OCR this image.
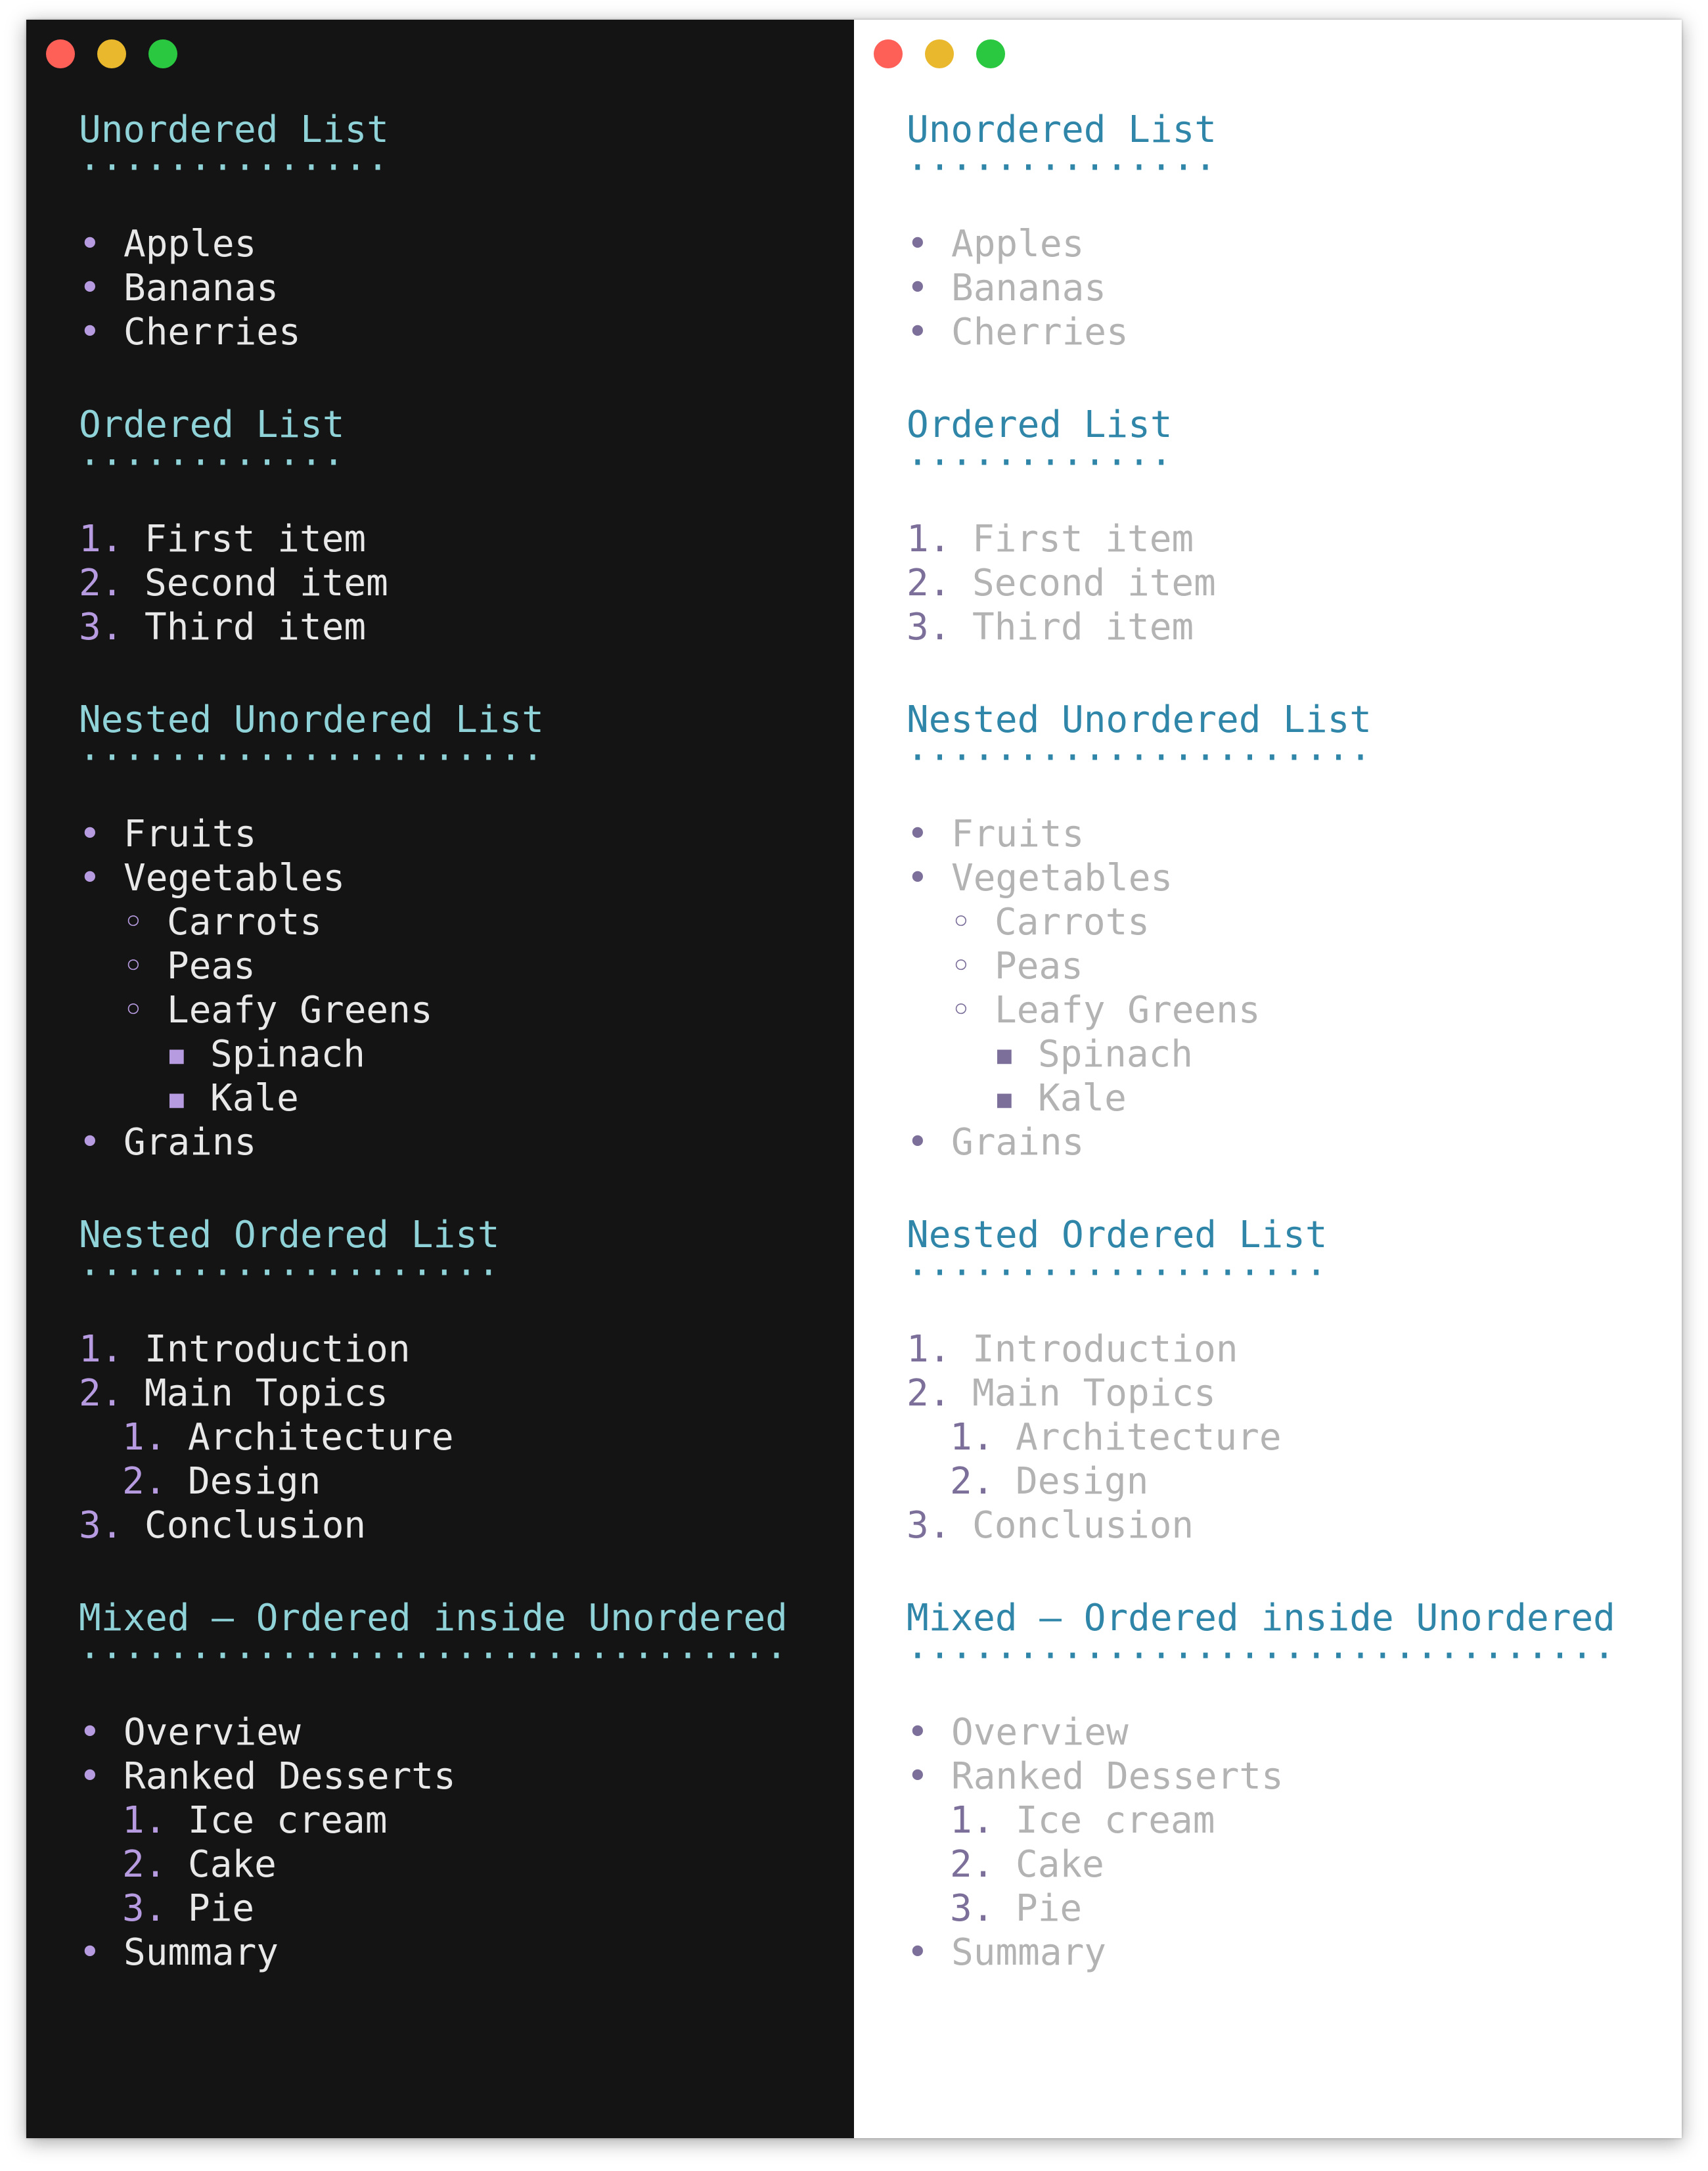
Unordered List
··············
• Apples
• Bananas
• Cherries
Ordered List
············
1. First item
2. Second item
3. Third item
Nested Unordered List
·····················
• Fruits
• Vegetables
◦ Carrots
◦ Peas
◦ Leafy Greens
▪ Spinach
▪ Kale
• Grains
Nested Ordered List
···················
1. Introduction
2. Main Topics
1. Architecture
2. Design
3. Conclusion
Mixed — Ordered inside Unordered
································
• Overview
• Ranked Desserts
1. Ice cream
2. Cake
3. Pie
• Summary
Unordered List
··············
• Apples
• Bananas
• Cherries
Ordered List
············
1. First item
2. Second item
3. Third item
Nested Unordered List
·····················
• Fruits
• Vegetables
◦ Carrots
◦ Peas
◦ Leafy Greens
▪ Spinach
▪ Kale
• Grains
Nested Ordered List
···················
1. Introduction
2. Main Topics
1. Architecture
2. Design
3. Conclusion
Mixed — Ordered inside Unordered
································
• Overview
• Ranked Desserts
1. Ice cream
2. Cake
3. Pie
• Summary
